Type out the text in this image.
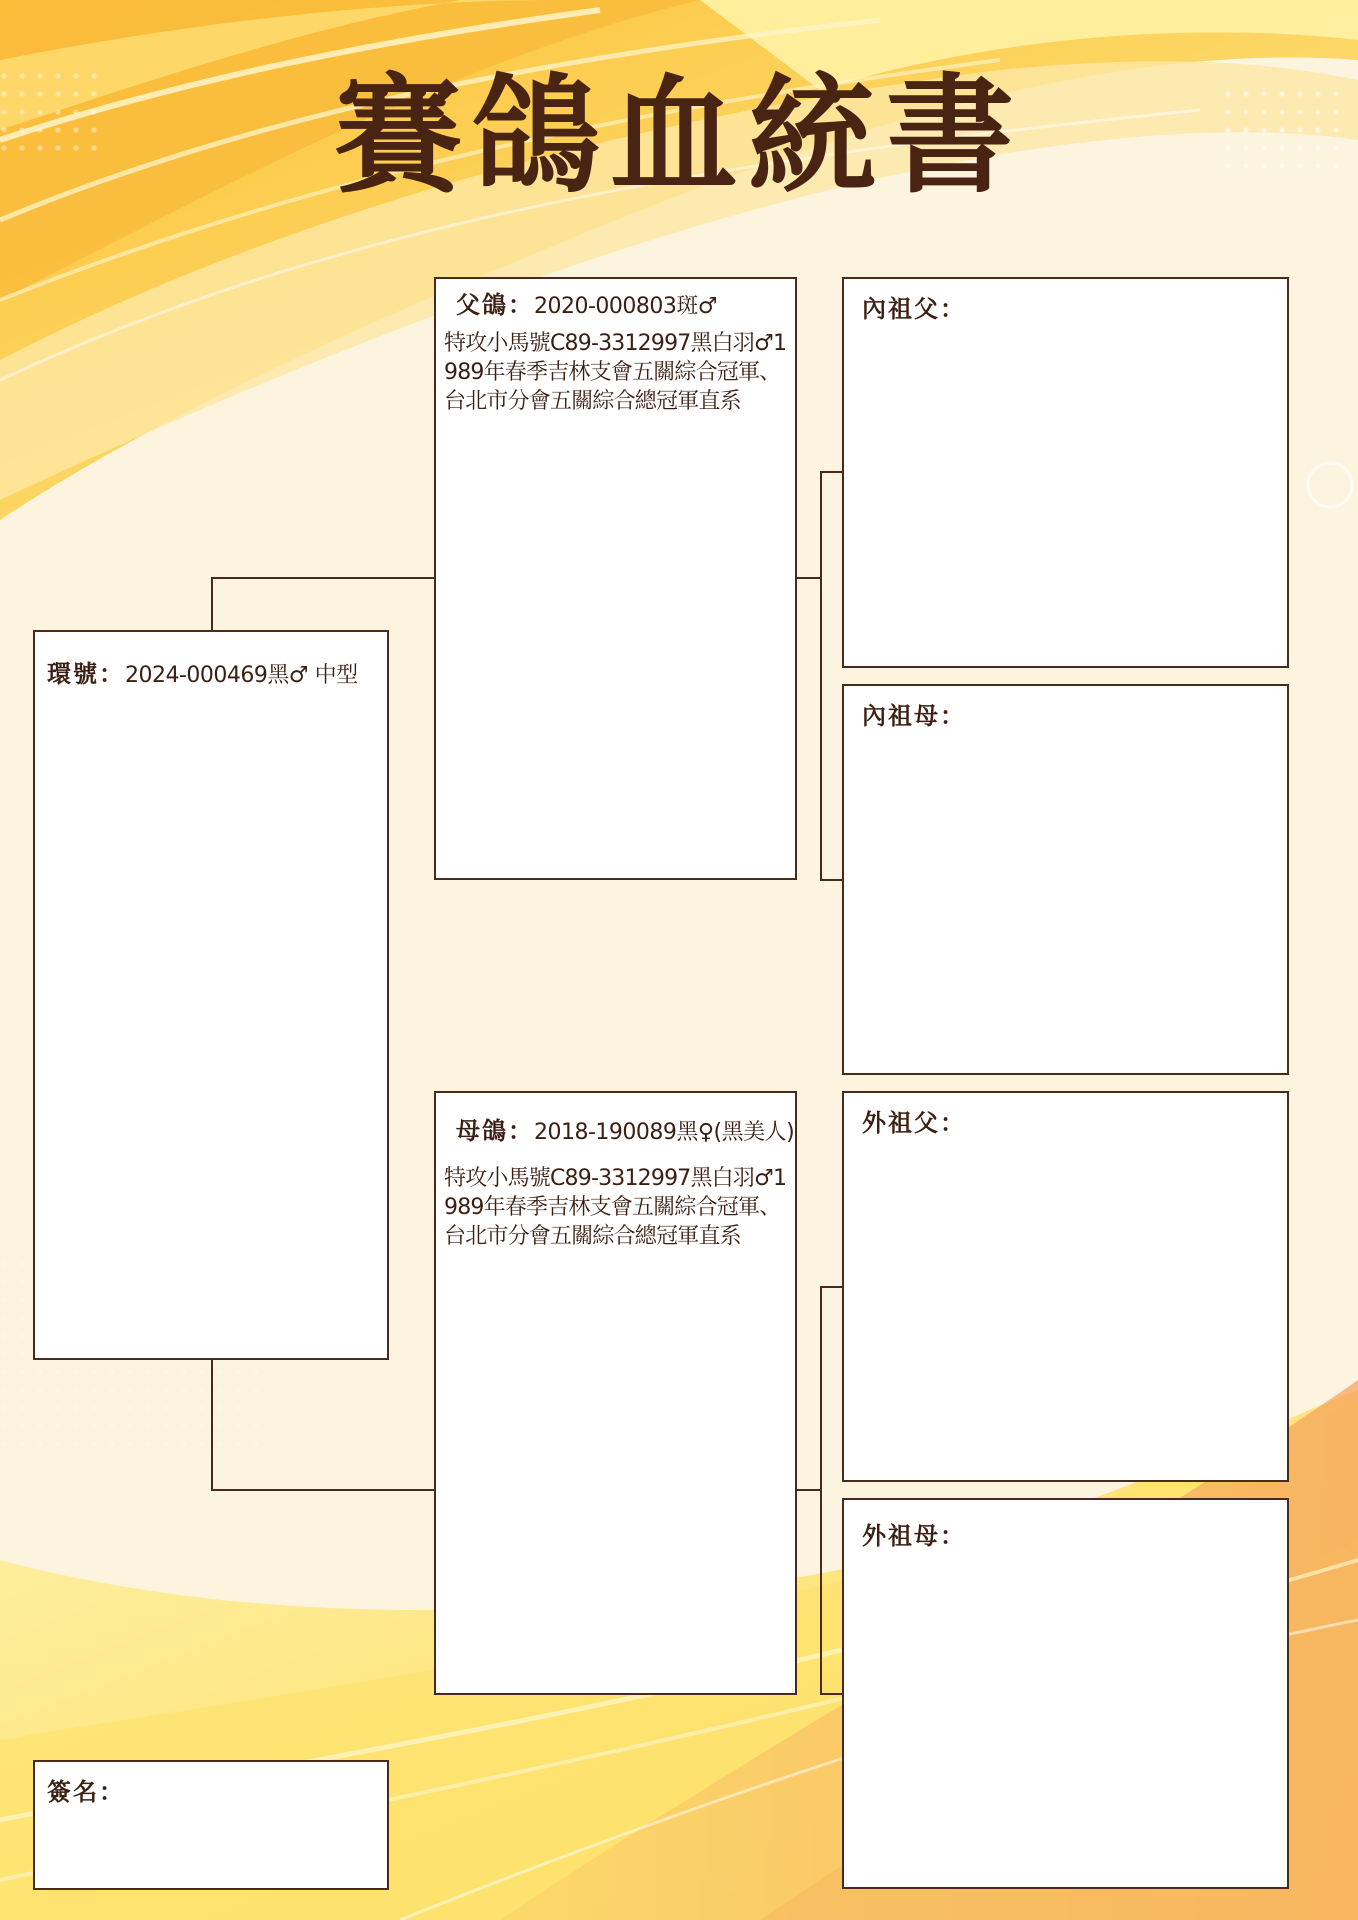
賽鴿血統書
環號：2024-000469黑♂ 中型
父鴿：2020-000803斑♂
特攻小馬號C89-3312997黑白羽♂1989年春季吉林支會五關綜合冠軍、台北市分會五關綜合總冠軍直系
母鴿：2018-190089黑♀(黑美人)
特攻小馬號C89-3312997黑白羽♂1989年春季吉林支會五關綜合冠軍、台北市分會五關綜合總冠軍直系
內祖父：
內祖母：
外祖父：
外祖母：
簽名：
